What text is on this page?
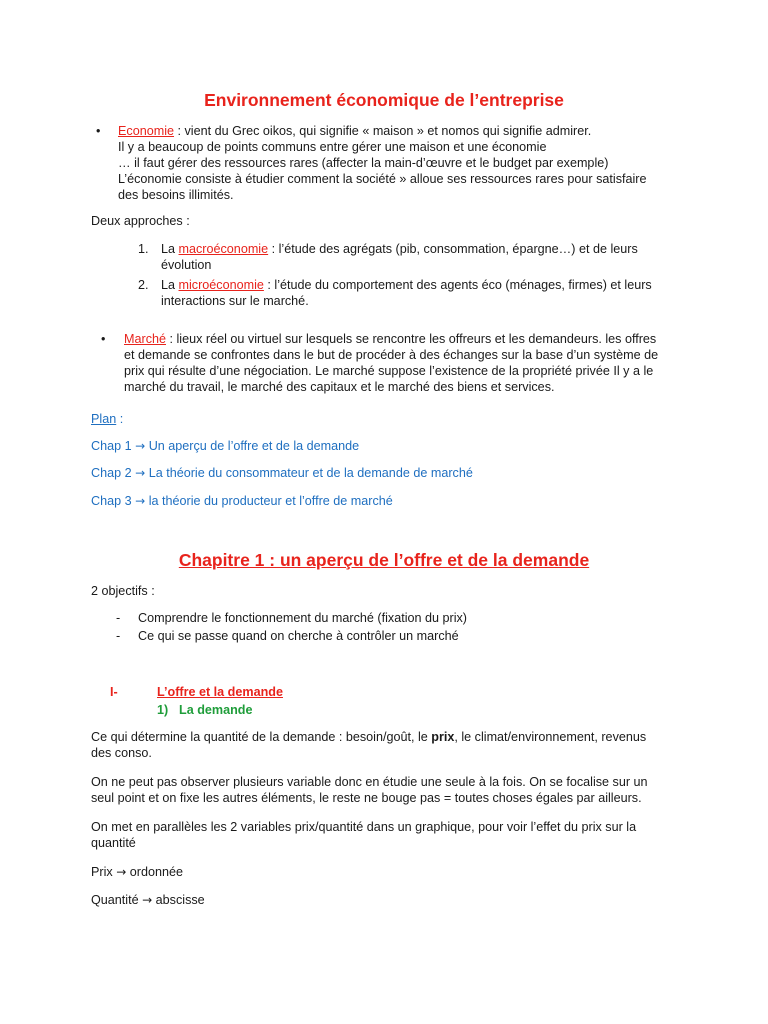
Environnement économique de l’entreprise
• Economie : vient du Grec oikos, qui signifie « maison » et nomos qui signifie admirer.

Il y a beaucoup de points communs entre gérer une maison et une économie

… il faut gérer des ressources rares (affecter la main-d’œuvre et le budget par exemple)

L’économie consiste à étudier comment la société » alloue ses ressources rares pour satisfaire

des besoins illimités.

Deux approches :
1. La macroéconomie : l’étude des agrégats (pib, consommation, épargne…) et de leurs

évolution

2. La microéconomie : l’étude du comportement des agents éco (ménages, firmes) et leurs

interactions sur le marché.

• Marché : lieux réel ou virtuel sur lesquels se rencontre les offreurs et les demandeurs. les offres

et demande se confrontes dans le but de procéder à des échanges sur la base d’un système de

prix qui résulte d’une négociation. Le marché suppose l’existence de la propriété privée Il y a le

marché du travail, le marché des capitaux et le marché des biens et services.

Plan :
Chap 1 → Un aperçu de l’offre et de la demande
Chap 2 → La théorie du consommateur et de la demande de marché
Chap 3 → la théorie du producteur et l’offre de marché
Chapitre 1 : un aperçu de l’offre et de la demande
2 objectifs :
- Comprendre le fonctionnement du marché (fixation du prix)
- Ce qui se passe quand on cherche à contrôler un marché
I-	L’offre et la demande
1) La demande

Ce qui détermine la quantité de la demande : besoin/goût, le prix, le climat/environnement, revenus

des conso.

On ne peut pas observer plusieurs variable donc en étudie une seule à la fois. On se focalise sur un

seul point et on fixe les autres éléments, le reste ne bouge pas = toutes choses égales par ailleurs.

On met en parallèles les 2 variables prix/quantité dans un graphique, pour voir l’effet du prix sur la

quantité

Prix → ordonnée
Quantité → abscisse
